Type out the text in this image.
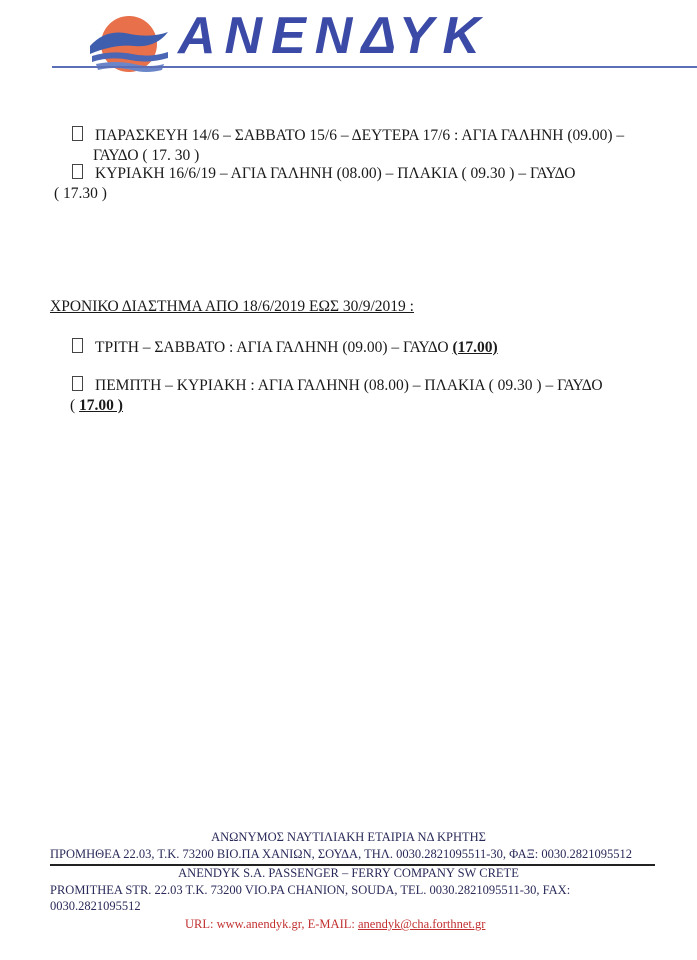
ΑΝΕΝΔΥΚ
ΠΑΡΑΣΚΕΥΗ 14/6 – ΣΑΒΒΑΤΟ 15/6 – ΔΕΥΤΕΡΑ 17/6 : ΑΓΙΑ ΓΑΛΗΝΗ (09.00) –
ΓΑΥΔΟ ( 17. 30 )
ΚΥΡΙΑΚΗ 16/6/19 – ΑΓΙΑ ΓΑΛΗΝΗ (08.00) – ΠΛΑΚΙΑ ( 09.30 ) – ΓΑΥΔΟ
( 17.30 )
ΧΡΟΝΙΚΟ ΔΙΑΣΤΗΜΑ ΑΠΟ 18/6/2019 ΕΩΣ 30/9/2019 :
ΤΡΙΤΗ – ΣΑΒΒΑΤΟ : ΑΓΙΑ ΓΑΛΗΝΗ (09.00) – ΓΑΥΔΟ (17.00)
ΠΕΜΠΤΗ – ΚΥΡΙΑΚΗ : ΑΓΙΑ ΓΑΛΗΝΗ (08.00) – ΠΛΑΚΙΑ ( 09.30 ) – ΓΑΥΔΟ
( 17.00 )
ΑΝΩΝΥΜΟΣ ΝΑΥΤΙΛΙΑΚΗ ΕΤΑΙΡΙΑ ΝΔ ΚΡΗΤΗΣ
ΠΡΟΜΗΘΕΑ 22.03, Τ.Κ. 73200 ΒΙΟ.ΠΑ ΧΑΝΙΩΝ, ΣΟΥΔΑ, ΤΗΛ. 0030.2821095511-30, ΦΑΞ: 0030.2821095512
ANENDYK S.A. PASSENGER – FERRY COMPANY SW CRETE
PROMITHEA STR. 22.03 T.K. 73200 VIO.PA CHANION, SOUDA, TEL. 0030.2821095511-30, FAX:
0030.2821095512
URL: www.anendyk.gr, E-MAIL: anendyk@cha.forthnet.gr
